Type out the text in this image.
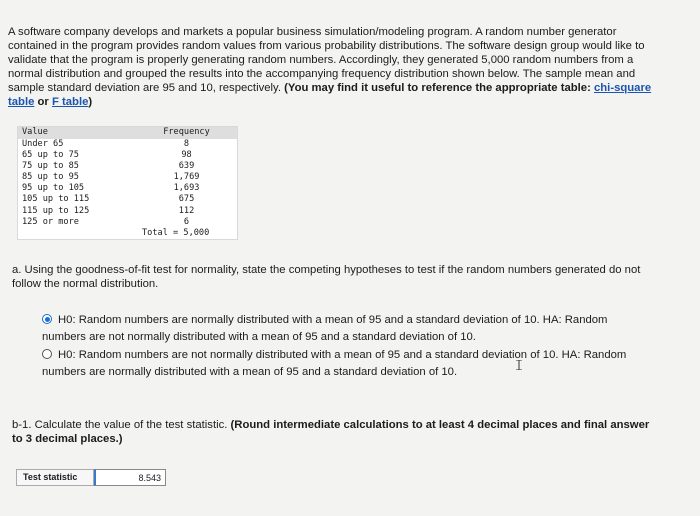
A software company develops and markets a popular business simulation/modeling program. A random number generator contained in the program provides random values from various probability distributions. The software design group would like to validate that the program is properly generating random numbers. Accordingly, they generated 5,000 random numbers from a normal distribution and grouped the results into the accompanying frequency distribution shown below. The sample mean and sample standard deviation are 95 and 10, respectively. (You may find it useful to reference the appropriate table: chi-square table or F table)

Value	Frequency
Under 65	8
65 up to 75	98
75 up to 85	639
85 up to 95	1,769
95 up to 105	1,693
105 up to 115	675
115 up to 125	112
125 or more	6
Total = 5,000

a. Using the goodness-of-fit test for normality, state the competing hypotheses to test if the random numbers generated do not follow the normal distribution.

H0: Random numbers are normally distributed with a mean of 95 and a standard deviation of 10. HA: Random numbers are not normally distributed with a mean of 95 and a standard deviation of 10.
H0: Random numbers are not normally distributed with a mean of 95 and a standard deviation of 10. HA: Random numbers are normally distributed with a mean of 95 and a standard deviation of 10.

b-1. Calculate the value of the test statistic. (Round intermediate calculations to at least 4 decimal places and final answer to 3 decimal places.)

Test statistic
8.543
